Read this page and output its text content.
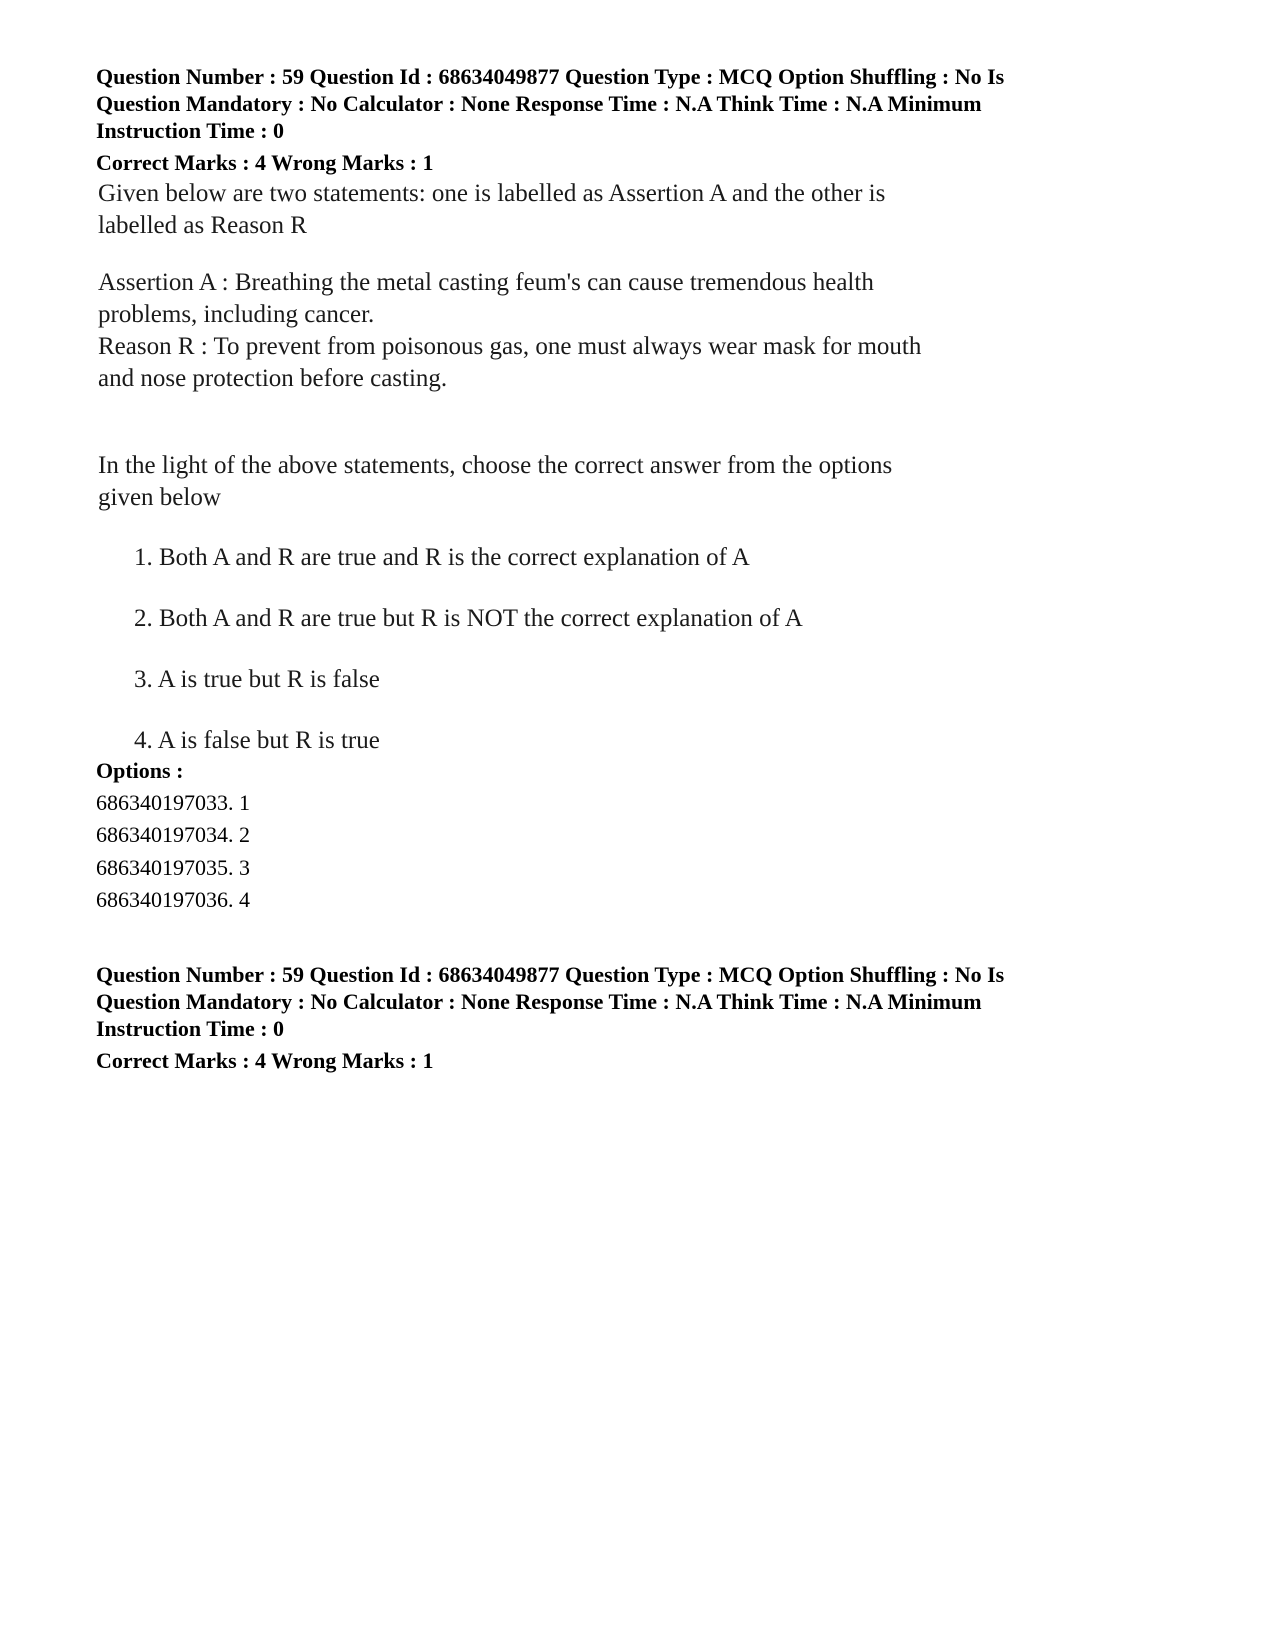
Question Number : 59 Question Id : 68634049877 Question Type : MCQ Option Shuffling : No Is
Question Mandatory : No Calculator : None Response Time : N.A Think Time : N.A Minimum
Instruction Time : 0
Correct Marks : 4 Wrong Marks : 1
Given below are two statements: one is labelled as Assertion A and the other is
labelled as Reason R
Assertion A : Breathing the metal casting feum's can cause tremendous health
problems, including cancer.
Reason R : To prevent from poisonous gas, one must always wear mask for mouth
and nose protection before casting.
In the light of the above statements, choose the correct answer from the options
given below
1. Both A and R are true and R is the correct explanation of A
2. Both A and R are true but R is NOT the correct explanation of A
3. A is true but R is false
4. A is false but R is true
Options :
686340197033. 1
686340197034. 2
686340197035. 3
686340197036. 4
Question Number : 59 Question Id : 68634049877 Question Type : MCQ Option Shuffling : No Is
Question Mandatory : No Calculator : None Response Time : N.A Think Time : N.A Minimum
Instruction Time : 0
Correct Marks : 4 Wrong Marks : 1
